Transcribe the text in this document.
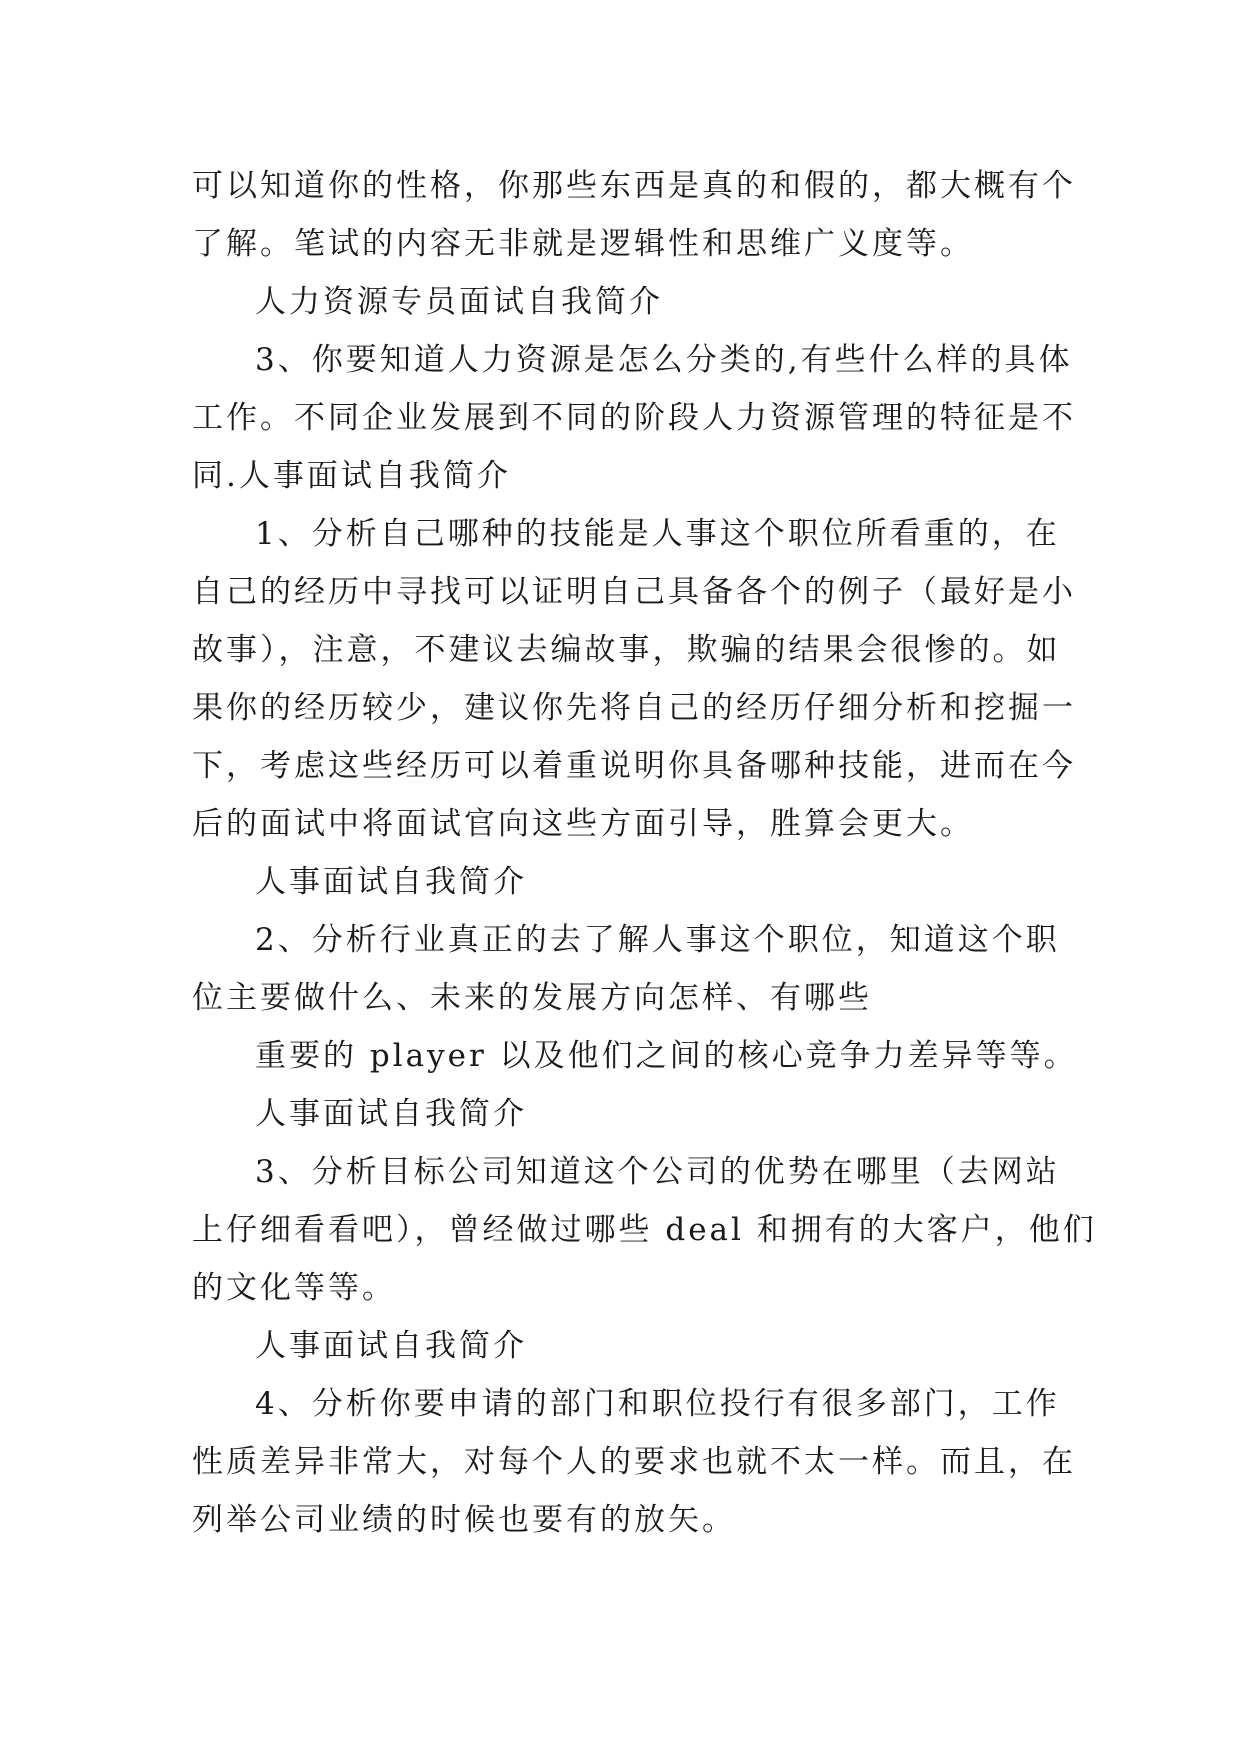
可以知道你的性格，你那些东西是真的和假的，都大概有个
了解。笔试的内容无非就是逻辑性和思维广义度等。
人力资源专员面试自我简介
3、你要知道人力资源是怎么分类的,有些什么样的具体
工作。不同企业发展到不同的阶段人力资源管理的特征是不
同.人事面试自我简介
1、分析自己哪种的技能是人事这个职位所看重的，在
自己的经历中寻找可以证明自己具备各个的例子（最好是小
故事），注意，不建议去编故事，欺骗的结果会很惨的。如
果你的经历较少，建议你先将自己的经历仔细分析和挖掘一
下，考虑这些经历可以着重说明你具备哪种技能，进而在今
后的面试中将面试官向这些方面引导，胜算会更大。
人事面试自我简介
2、分析行业真正的去了解人事这个职位，知道这个职
位主要做什么、未来的发展方向怎样、有哪些
重要的 player 以及他们之间的核心竞争力差异等等。
人事面试自我简介
3、分析目标公司知道这个公司的优势在哪里（去网站
上仔细看看吧），曾经做过哪些 deal 和拥有的大客户，他们
的文化等等。
人事面试自我简介
4、分析你要申请的部门和职位投行有很多部门，工作
性质差异非常大，对每个人的要求也就不太一样。而且，在
列举公司业绩的时候也要有的放矢。
